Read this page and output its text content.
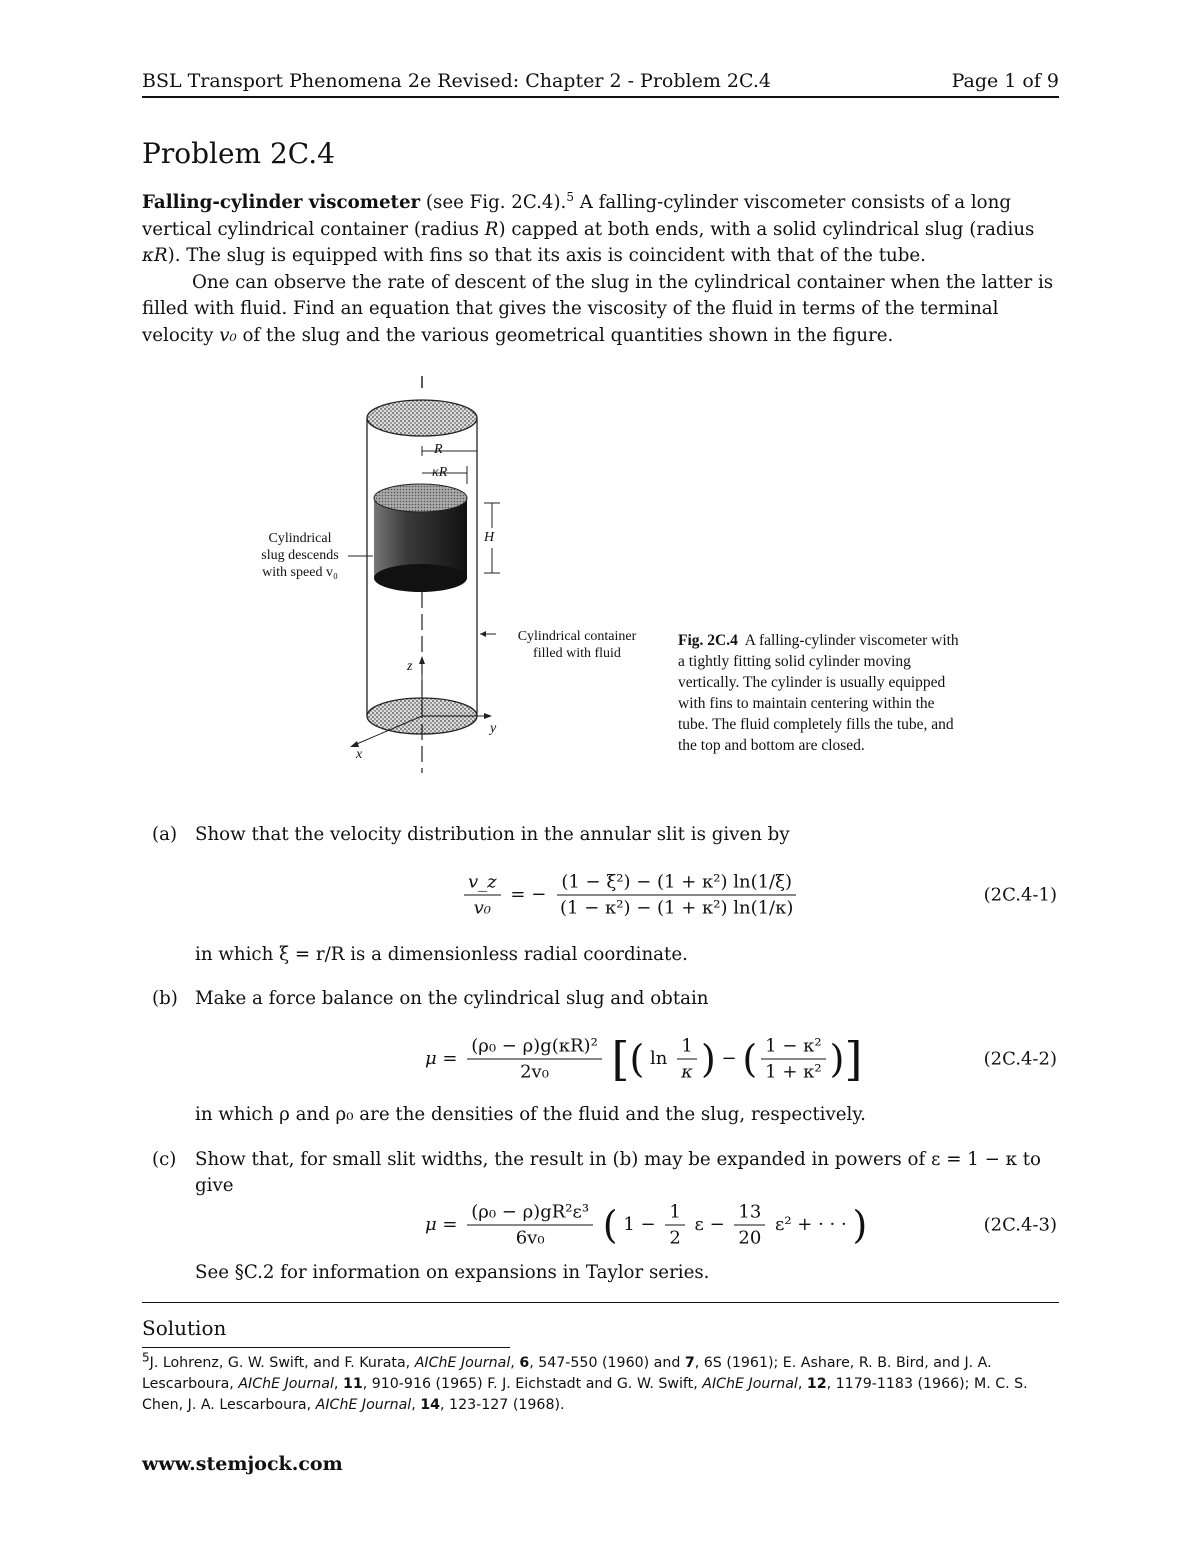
BSL Transport Phenomena 2e Revised: Chapter 2 - Problem 2C.4	Page 1 of 9
Problem 2C.4

Falling-cylinder viscometer (see Fig. 2C.4).$^5$ A falling-cylinder viscometer consists of a long vertical cylindrical container (radius R) capped at both ends, with a solid cylindrical slug (radius κR). The slug is equipped with fins so that its axis is coincident with that of the tube.

One can observe the rate of descent of the slug in the cylindrical container when the latter is filled with fluid. Find an equation that gives the viscosity of the fluid in terms of the terminal velocity v₀ of the slug and the various geometrical quantities shown in the figure.

R
κR
H
z
y
x
Cylindrical
slug descends
with speed v₀
Cylindrical container
filled with fluid
Fig. 2C.4 A falling-cylinder viscometer with a tightly fitting solid cylinder moving vertically. The cylinder is usually equipped with fins to maintain centering within the tube. The fluid completely fills the tube, and the top and bottom are closed.
(a) Show that the velocity distribution in the annular slit is given by
$\frac{v\_z}{\text{v₀}}$ = − $\frac{\text{(1 − ξ²) − (1 + κ²) ln(1/ξ)}}{\text{(1 − κ²) − (1 + κ²) ln(1/κ)}}$	(2C.4-1)
in which ξ = r/R is a dimensionless radial coordinate.
(b) Make a force balance on the cylindrical slug and obtain
$\mu = \frac{\text{(ρ₀ − ρ)g(κR)²}}{\text{2v₀}}$ [( $\ln \frac{1}{\kappa}$ ) − ( $\frac{\text{1 − κ²}}{\text{1 + κ²}}$ )]	(2C.4-2)
in which ρ and ρ₀ are the densities of the fluid and the slug, respectively.
(c) Show that, for small slit widths, the result in (b) may be expanded in powers of ε = 1 − κ to give
$\mu = \frac{\text{(ρ₀ − ρ)gR²ε³}}{\text{6v₀}}$ ( $1 - \frac{1}{2}$ $\varepsilon - \frac{13}{20} \varepsilon^2$ + · · · )	(2C.4-3)
See §C.2 for information on expansions in Taylor series.
Solution
$^5$J. Lohrenz, G. W. Swift, and F. Kurata, AIChE Journal, 6, 547-550 (1960) and 7, 6S (1961); E. Ashare, R. B. Bird, and J. A. Lescarboura, AIChE Journal, 11, 910-916 (1965) F. J. Eichstadt and G. W. Swift, AIChE Journal, 12, 1179-1183 (1966); M. C. S. Chen, J. A. Lescarboura, AIChE Journal, 14, 123-127 (1968).
www.stemjock.com
